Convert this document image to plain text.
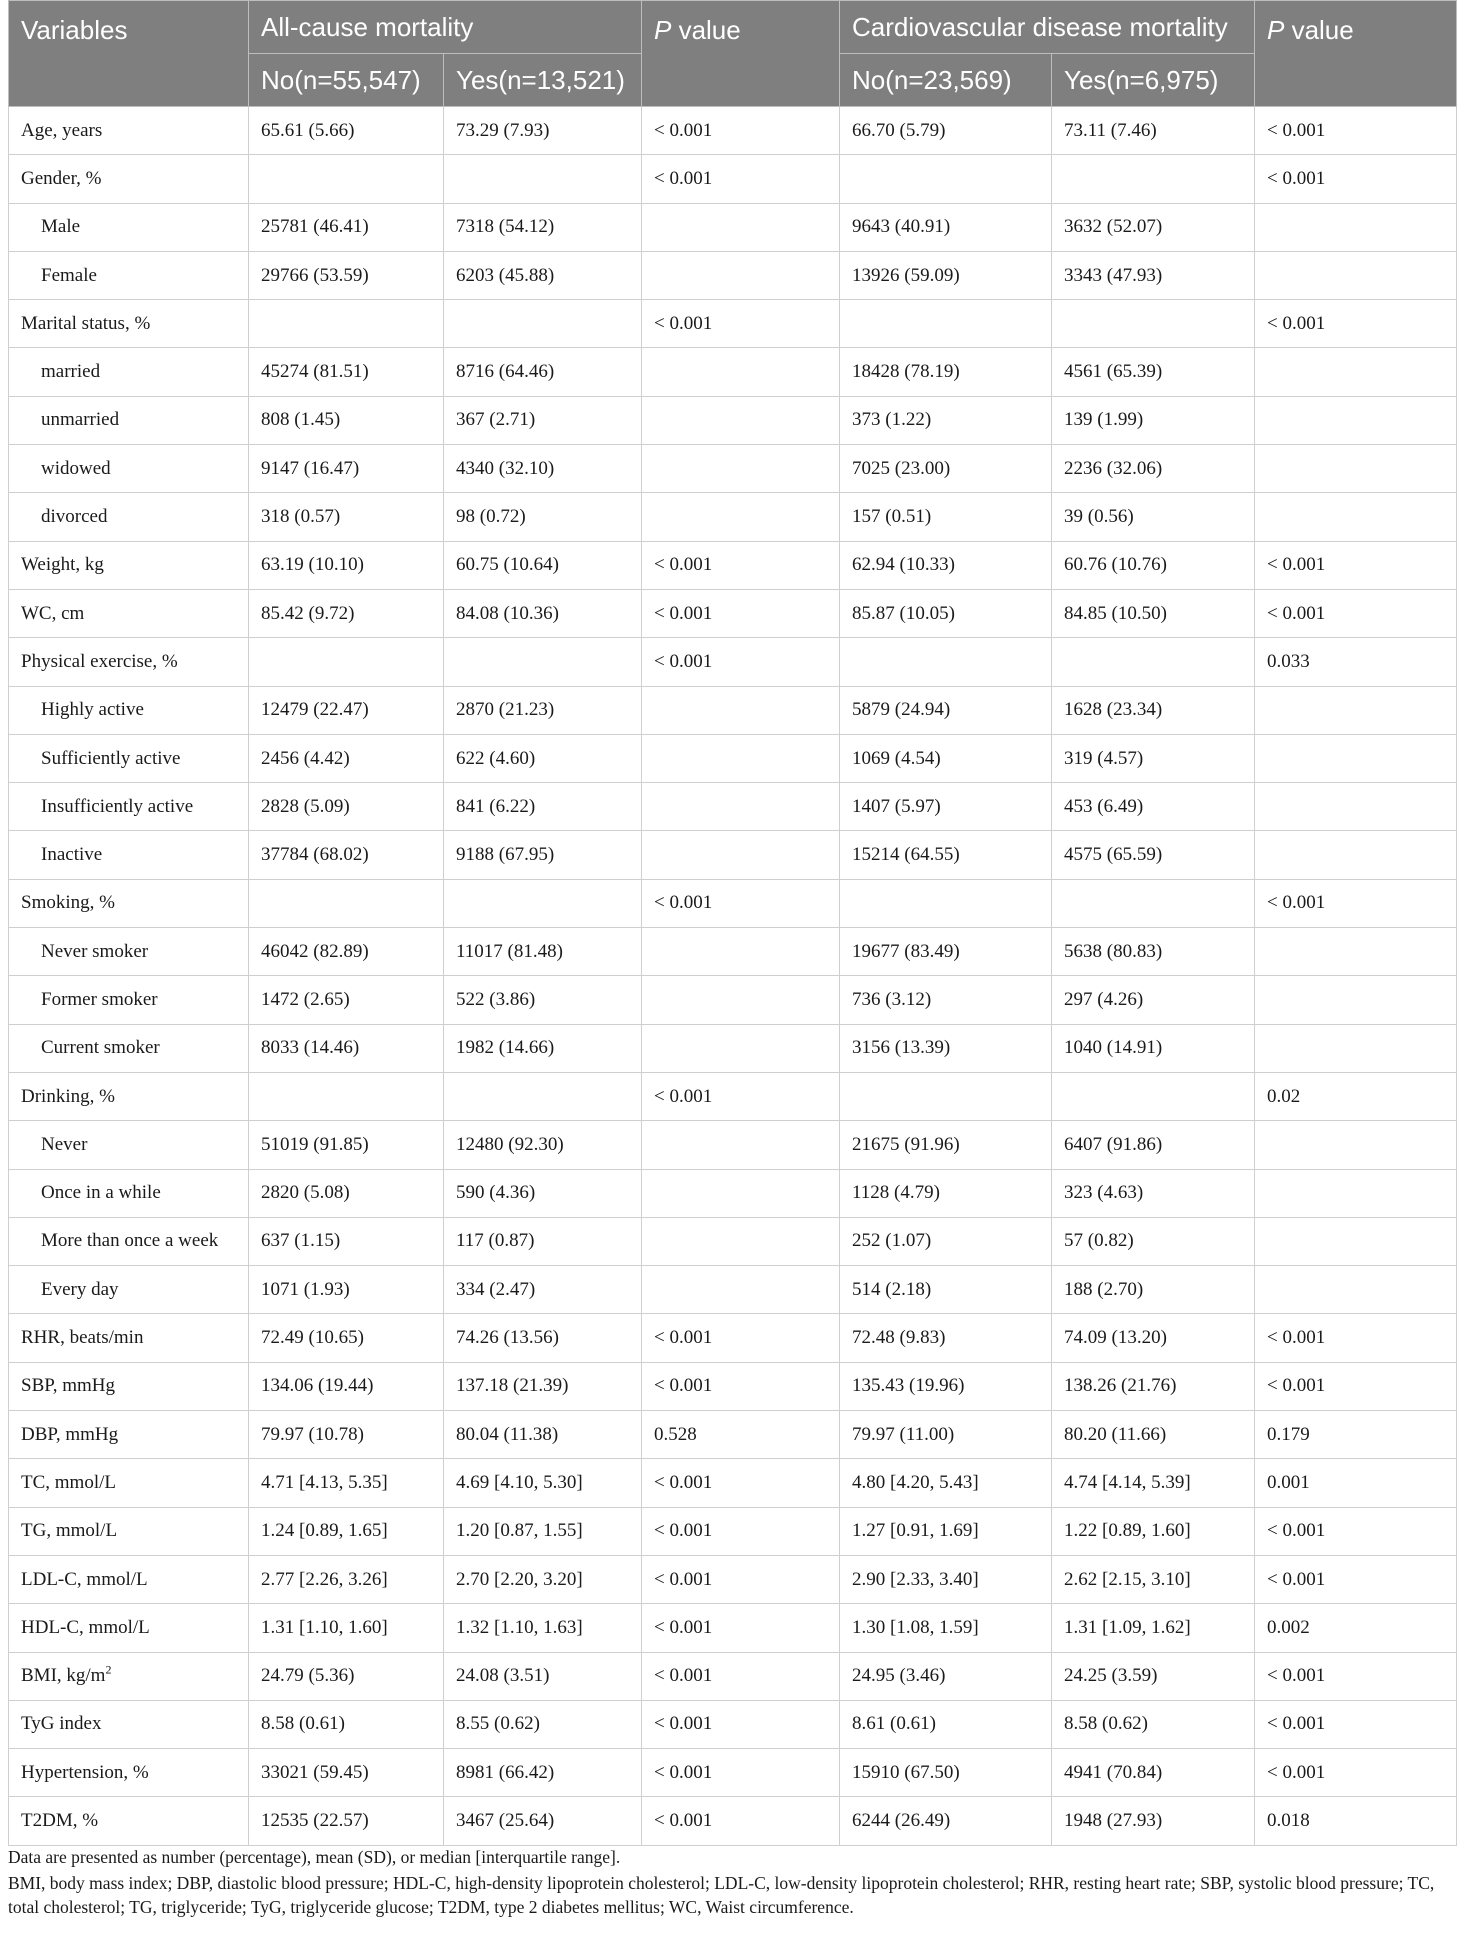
Variables	All-cause mortality		P value	Cardiovascular disease mortality		P value
	No(n=55,547)	Yes(n=13,521)		No(n=23,569)	Yes(n=6,975)	
Age, years	65.61 (5.66)	73.29 (7.93)	< 0.001	66.70 (5.79)	73.11 (7.46)	< 0.001
Gender, %			< 0.001			< 0.001
Male	25781 (46.41)	7318 (54.12)		9643 (40.91)	3632 (52.07)	
Female	29766 (53.59)	6203 (45.88)		13926 (59.09)	3343 (47.93)	
Marital status, %			< 0.001			< 0.001
married	45274 (81.51)	8716 (64.46)		18428 (78.19)	4561 (65.39)	
unmarried	808 (1.45)	367 (2.71)		373 (1.22)	139 (1.99)	
widowed	9147 (16.47)	4340 (32.10)		7025 (23.00)	2236 (32.06)	
divorced	318 (0.57)	98 (0.72)		157 (0.51)	39 (0.56)	
Weight, kg	63.19 (10.10)	60.75 (10.64)	< 0.001	62.94 (10.33)	60.76 (10.76)	< 0.001
WC, cm	85.42 (9.72)	84.08 (10.36)	< 0.001	85.87 (10.05)	84.85 (10.50)	< 0.001
Physical exercise, %			< 0.001			0.033
Highly active	12479 (22.47)	2870 (21.23)		5879 (24.94)	1628 (23.34)	
Sufficiently active	2456 (4.42)	622 (4.60)		1069 (4.54)	319 (4.57)	
Insufficiently active	2828 (5.09)	841 (6.22)		1407 (5.97)	453 (6.49)	
Inactive	37784 (68.02)	9188 (67.95)		15214 (64.55)	4575 (65.59)	
Smoking, %			< 0.001			< 0.001
Never smoker	46042 (82.89)	11017 (81.48)		19677 (83.49)	5638 (80.83)	
Former smoker	1472 (2.65)	522 (3.86)		736 (3.12)	297 (4.26)	
Current smoker	8033 (14.46)	1982 (14.66)		3156 (13.39)	1040 (14.91)	
Drinking, %			< 0.001			0.02
Never	51019 (91.85)	12480 (92.30)		21675 (91.96)	6407 (91.86)	
Once in a while	2820 (5.08)	590 (4.36)		1128 (4.79)	323 (4.63)	
More than once a week	637 (1.15)	117 (0.87)		252 (1.07)	57 (0.82)	
Every day	1071 (1.93)	334 (2.47)		514 (2.18)	188 (2.70)	
RHR, beats/min	72.49 (10.65)	74.26 (13.56)	< 0.001	72.48 (9.83)	74.09 (13.20)	< 0.001
SBP, mmHg	134.06 (19.44)	137.18 (21.39)	< 0.001	135.43 (19.96)	138.26 (21.76)	< 0.001
DBP, mmHg	79.97 (10.78)	80.04 (11.38)	0.528	79.97 (11.00)	80.20 (11.66)	0.179
TC, mmol/L	4.71 [4.13, 5.35]	4.69 [4.10, 5.30]	< 0.001	4.80 [4.20, 5.43]	4.74 [4.14, 5.39]	0.001
TG, mmol/L	1.24 [0.89, 1.65]	1.20 [0.87, 1.55]	< 0.001	1.27 [0.91, 1.69]	1.22 [0.89, 1.60]	< 0.001
LDL-C, mmol/L	2.77 [2.26, 3.26]	2.70 [2.20, 3.20]	< 0.001	2.90 [2.33, 3.40]	2.62 [2.15, 3.10]	< 0.001
HDL-C, mmol/L	1.31 [1.10, 1.60]	1.32 [1.10, 1.63]	< 0.001	1.30 [1.08, 1.59]	1.31 [1.09, 1.62]	0.002
BMI, $kg/m^2$	24.79 (5.36)	24.08 (3.51)	< 0.001	24.95 (3.46)	24.25 (3.59)	< 0.001
TyG index	8.58 (0.61)	8.55 (0.62)	< 0.001	8.61 (0.61)	8.58 (0.62)	< 0.001
Hypertension, %	33021 (59.45)	8981 (66.42)	< 0.001	15910 (67.50)	4941 (70.84)	< 0.001
T2DM, %	12535 (22.57)	3467 (25.64)	< 0.001	6244 (26.49)	1948 (27.93)	0.018

Data are presented as number (percentage), mean (SD), or median [interquartile range].

BMI, body mass index; DBP, diastolic blood pressure; HDL-C, high-density lipoprotein cholesterol; LDL-C, low-density lipoprotein cholesterol; RHR, resting heart rate; SBP, systolic blood pressure; TC, total cholesterol; TG, triglyceride; TyG, triglyceride glucose; T2DM, type 2 diabetes mellitus; WC, Waist circumference.
